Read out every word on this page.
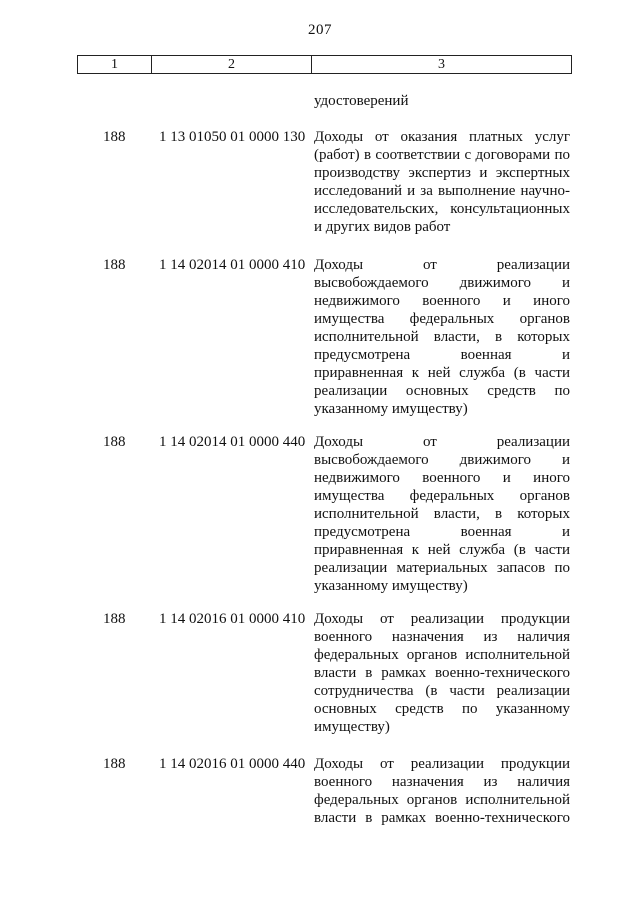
207
1	2	3
удостоверений
188	1 13 01050 01 0000 130 Доходы от оказания платных услуг
(работ) в соответствии с договорами по
производству экспертиз и экспертных
исследований и за выполнение научно-
исследовательских, консультационных
и других видов работ
188	1 14 02014 01 0000 410 Доходы от реализации
высвобождаемого движимого и
недвижимого военного и иного
имущества федеральных органов
исполнительной власти, в которых
предусмотрена военная и
приравненная к ней служба (в части
реализации основных средств по
указанному имуществу)
188	1 14 02014 01 0000 440 Доходы от реализации
высвобождаемого движимого и
недвижимого военного и иного
имущества федеральных органов
исполнительной власти, в которых
предусмотрена военная и
приравненная к ней служба (в части
реализации материальных запасов по
указанному имуществу)
188	1 14 02016 01 0000 410 Доходы от реализации продукции
военного назначения из наличия
федеральных органов исполнительной
власти в рамках военно-технического
сотрудничества (в части реализации
основных средств по указанному
имуществу)
188	1 14 02016 01 0000 440 Доходы от реализации продукции
военного назначения из наличия
федеральных органов исполнительной
власти в рамках военно-технического
